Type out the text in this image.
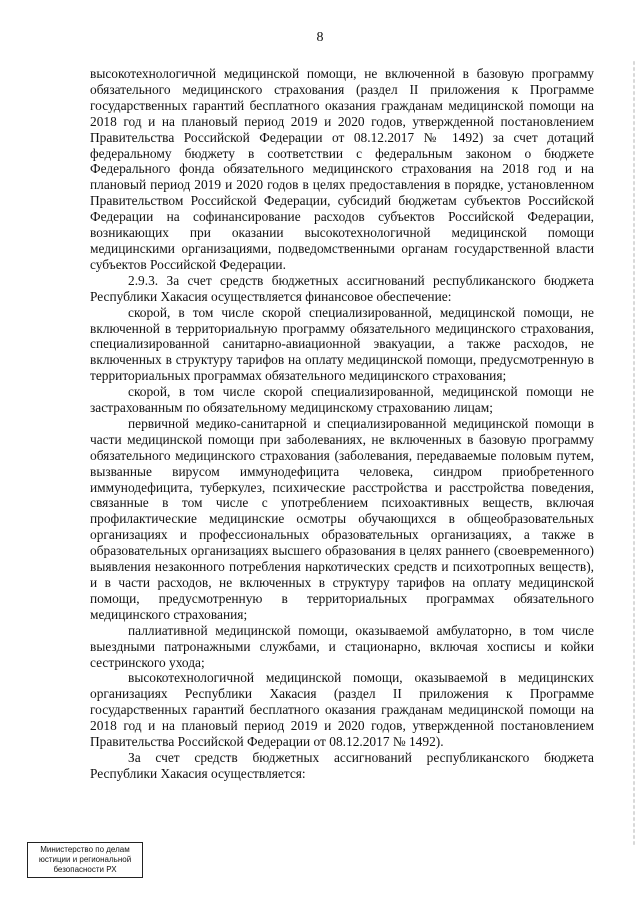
8

высокотехнологичной медицинской помощи, не включенной в базовую программу обязательного медицинского страхования (раздел II приложения к Программе государственных гарантий бесплатного оказания гражданам медицинской помощи на 2018 год и на плановый период 2019 и 2020 годов, утвержденной постановлением Правительства Российской Федерации от 08.12.2017 № 1492) за счет дотаций федеральному бюджету в соответствии с федеральным законом о бюджете Федерального фонда обязательного медицинского страхования на 2018 год и на плановый период 2019 и 2020 годов в целях предоставления в порядке, установленном Правительством Российской Федерации, субсидий бюджетам субъектов Российской Федерации на софинансирование расходов субъектов Российской Федерации, возникающих при оказании высокотехнологичной медицинской помощи медицинскими организациями, подведомственными органам государственной власти субъектов Российской Федерации.

2.9.3. За счет средств бюджетных ассигнований республиканского бюджета Республики Хакасия осуществляется финансовое обеспечение:

скорой, в том числе скорой специализированной, медицинской помощи, не включенной в территориальную программу обязательного медицинского страхования, специализированной санитарно-авиационной эвакуации, а также расходов, не включенных в структуру тарифов на оплату медицинской помощи, предусмотренную в территориальных программах обязательного медицинского страхования;

скорой, в том числе скорой специализированной, медицинской помощи не застрахованным по обязательному медицинскому страхованию лицам;

первичной медико-санитарной и специализированной медицинской помощи в части медицинской помощи при заболеваниях, не включенных в базовую программу обязательного медицинского страхования (заболевания, передаваемые половым путем, вызванные вирусом иммунодефицита человека, синдром приобретенного иммунодефицита, туберкулез, психические расстройства и расстройства поведения, связанные в том числе с употреблением психоактивных веществ, включая профилактические медицинские осмотры обучающихся в общеобразовательных организациях и профессиональных образовательных организациях, а также в образовательных организациях высшего образования в целях раннего (своевременного) выявления незаконного потребления наркотических средств и психотропных веществ), и в части расходов, не включенных в структуру тарифов на оплату медицинской помощи, предусмотренную в территориальных программах обязательного медицинского страхования;

паллиативной медицинской помощи, оказываемой амбулаторно, в том числе выездными патронажными службами, и стационарно, включая хосписы и койки сестринского ухода;

высокотехнологичной медицинской помощи, оказываемой в медицинских организациях Республики Хакасия (раздел II приложения к Программе государственных гарантий бесплатного оказания гражданам медицинской помощи на 2018 год и на плановый период 2019 и 2020 годов, утвержденной постановлением Правительства Российской Федерации от 08.12.2017 № 1492).

За счет средств бюджетных ассигнований республиканского бюджета Республики Хакасия осуществляется:

Министерство по делам
юстиции и региональной
безопасности РХ
